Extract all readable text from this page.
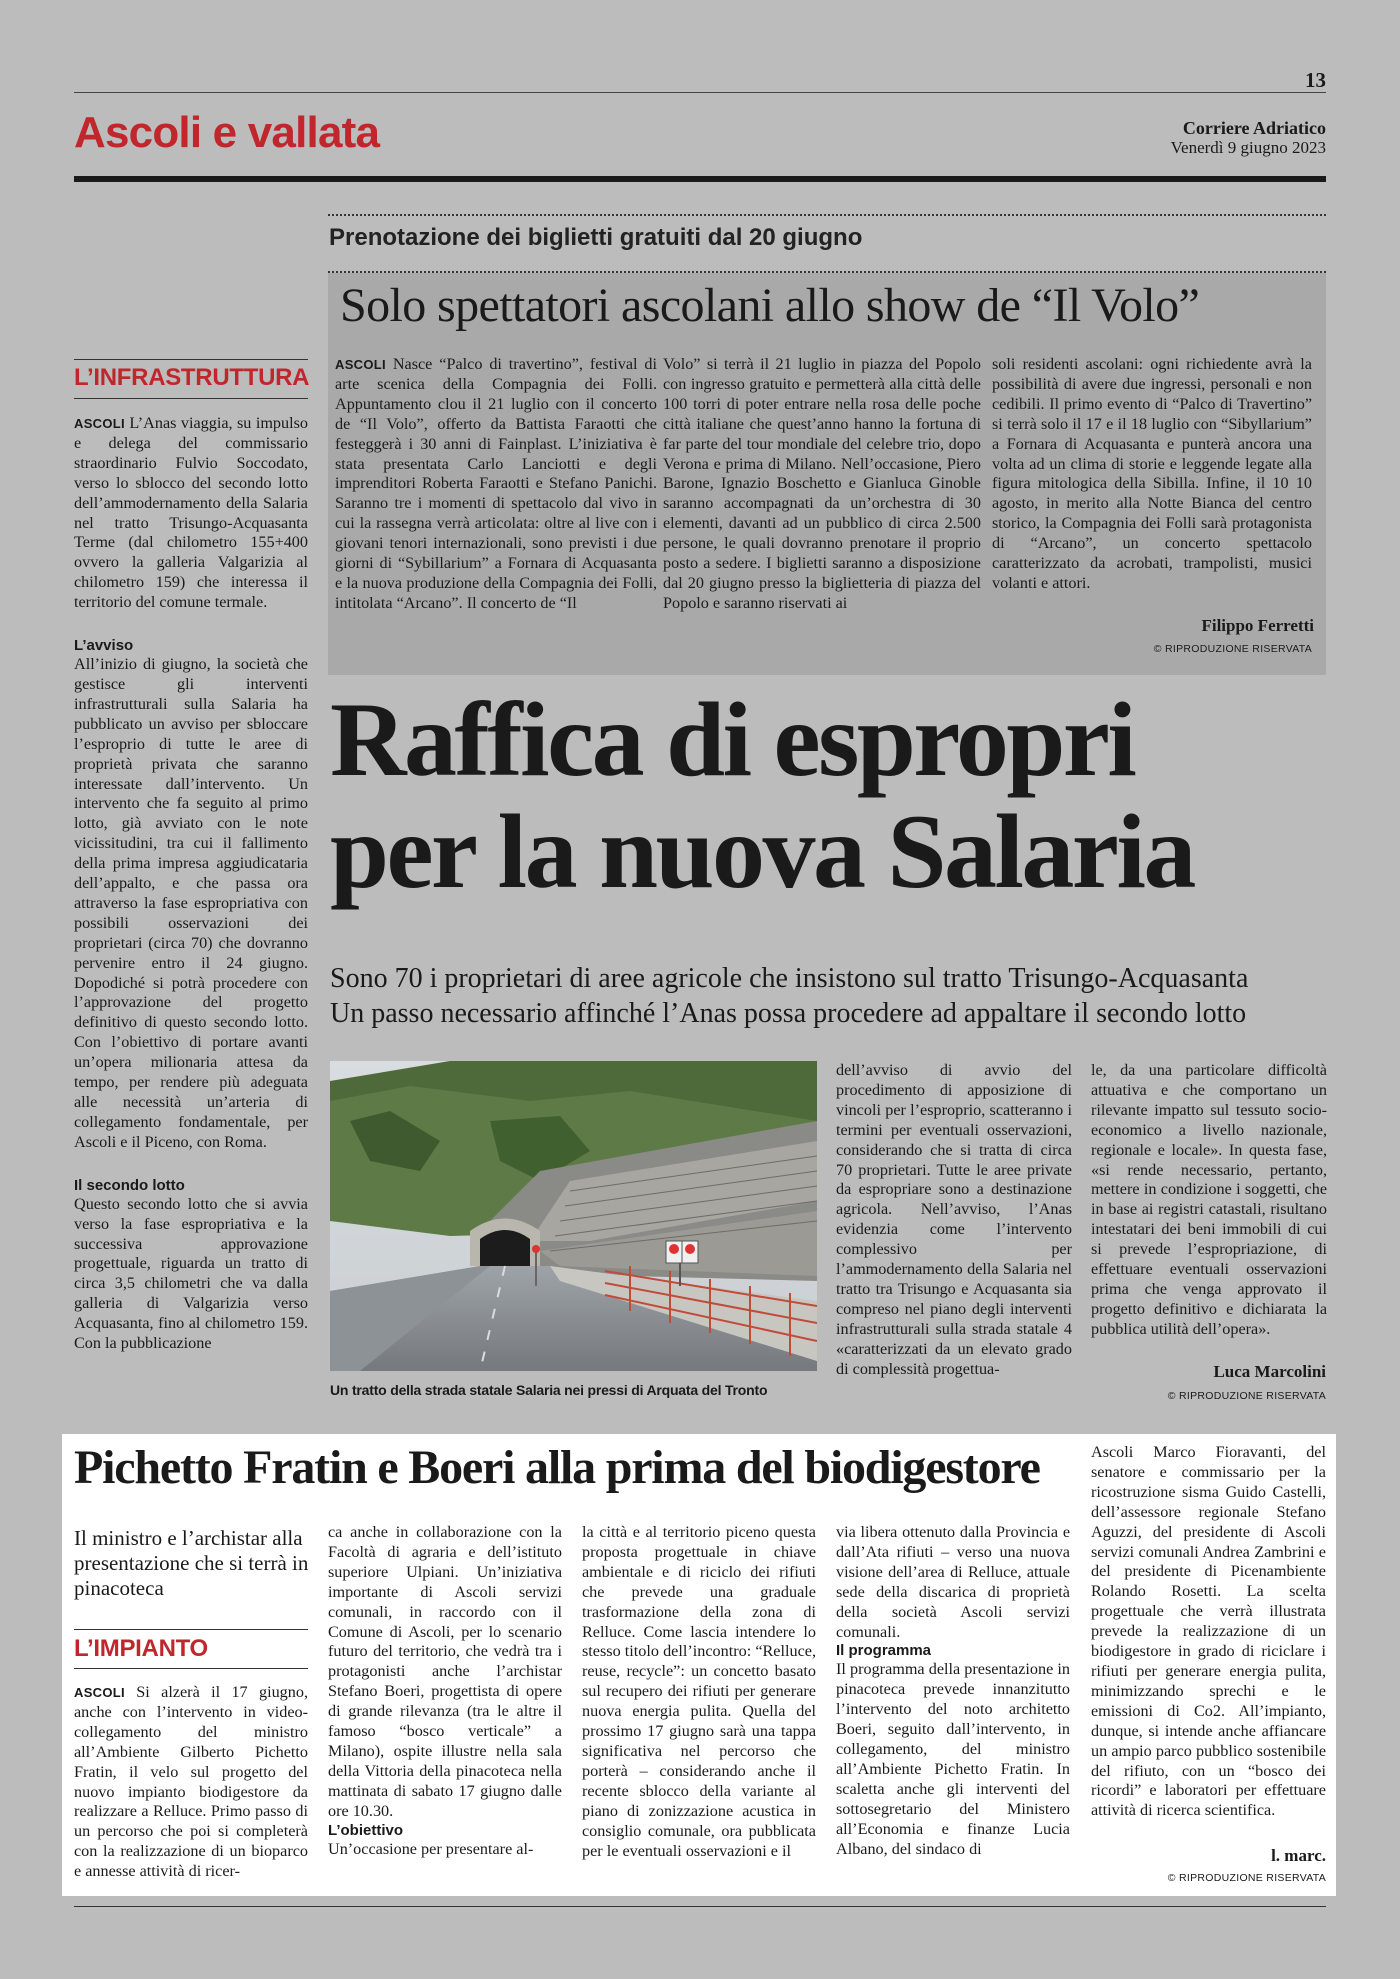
13
Ascoli e vallata	Corriere Adriatico
Venerdì 9 giugno 2023
Prenotazione dei biglietti gratuiti dal 20 giugno
Solo spettatori ascolani allo show de “Il Volo”
ASCOLI Nasce “Palco di travertino”, festival di arte scenica della Compagnia dei Folli. Appuntamento clou il 21 luglio con il concerto de “Il Volo”, offerto da Battista Faraotti che festeggerà i 30 anni di Fainplast. L’iniziativa è stata presentata Carlo Lanciotti e degli imprenditori Roberta Faraotti e Stefano Panichi. Saranno tre i momenti di spettacolo dal vivo in cui la rassegna verrà articolata: oltre al live con i giovani tenori internazionali, sono previsti i due giorni di “Sybillarium” a Fornara di Acquasanta e la nuova produzione della Compagnia dei Folli, intitolata “Arcano”. Il concerto de “Il
Volo” si terrà il 21 luglio in piazza del Popolo con ingresso gratuito e permetterà alla città delle 100 torri di poter entrare nella rosa delle poche città italiane che quest’anno hanno la fortuna di far parte del tour mondiale del celebre trio, dopo Verona e prima di Milano. Nell’occasione, Piero Barone, Ignazio Boschetto e Gianluca Ginoble saranno accompagnati da un’orchestra di 30 elementi, davanti ad un pubblico di circa 2.500 persone, le quali dovranno prenotare il proprio posto a sedere. I biglietti saranno a disposizione dal 20 giugno presso la biglietteria di piazza del Popolo e saranno riservati ai
soli residenti ascolani: ogni richiedente avrà la possibilità di avere due ingressi, personali e non cedibili. Il primo evento di “Palco di Travertino” si terrà solo il 17 e il 18 luglio con “Sibyllarium” a Fornara di Acquasanta e punterà ancora una volta ad un clima di storie e leggende legate alla figura mitologica della Sibilla. Infine, il 10 10 agosto, in merito alla Notte Bianca del centro storico, la Compagnia dei Folli sarà protagonista di “Arcano”, un concerto spettacolo caratterizzato da acrobati, trampolisti, musici volanti e attori.
Filippo Ferretti
© RIPRODUZIONE RISERVATA
L’INFRASTRUTTURA

ASCOLI L’Anas viaggia, su impulso e delega del commissario straordinario Fulvio Soccodato, verso lo sblocco del secondo lotto dell’ammodernamento della Salaria nel tratto Trisungo-Acquasanta Terme (dal chilometro 155+400 ovvero la galleria Valgarizia al chilometro 159) che interessa il territorio del comune termale.

L’avviso

All’inizio di giugno, la società che gestisce gli interventi infrastrutturali sulla Salaria ha pubblicato un avviso per sbloccare l’esproprio di tutte le aree di proprietà privata che saranno interessate dall’intervento. Un intervento che fa seguito al primo lotto, già avviato con le note vicissitudini, tra cui il fallimento della prima impresa aggiudicataria dell’appalto, e che passa ora attraverso la fase espropriativa con possibili osservazioni dei proprietari (circa 70) che dovranno pervenire entro il 24 giugno. Dopodiché si potrà procedere con l’approvazione del progetto definitivo di questo secondo lotto. Con l’obiettivo di portare avanti un’opera milionaria attesa da tempo, per rendere più adeguata alle necessità un’arteria di collegamento fondamentale, per Ascoli e il Piceno, con Roma.

Il secondo lotto

Questo secondo lotto che si avvia verso la fase espropriativa e la successiva approvazione progettuale, riguarda un tratto di circa 3,5 chilometri che va dalla galleria di Valgarizia verso Acquasanta, fino al chilometro 159. Con la pubblicazione

Raffica di espropri
per la nuova Salaria
Sono 70 i proprietari di aree agricole che insistono sul tratto Trisungo-Acquasanta
Un passo necessario affinché l’Anas possa procedere ad appaltare il secondo lotto
Un tratto della strada statale Salaria nei pressi di Arquata del Tronto
dell’avviso di avvio del procedimento di apposizione di vincoli per l’esproprio, scatteranno i termini per eventuali osservazioni, considerando che si tratta di circa 70 proprietari. Tutte le aree private da espropriare sono a destinazione agricola. Nell’avviso, l’Anas evidenzia come l’intervento complessivo per l’ammodernamento della Salaria nel tratto tra Trisungo e Acquasanta sia compreso nel piano degli interventi infrastrutturali sulla strada statale 4 «caratterizzati da un elevato grado di complessità progettua-
le, da una particolare difficoltà attuativa e che comportano un rilevante impatto sul tessuto socio-economico a livello nazionale, regionale e locale». In questa fase, «si rende necessario, pertanto, mettere in condizione i soggetti, che in base ai registri catastali, risultano intestatari dei beni immobili di cui si prevede l’espropriazione, di effettuare eventuali osservazioni prima che venga approvato il progetto definitivo e dichiarata la pubblica utilità dell’opera».
Luca Marcolini
© RIPRODUZIONE RISERVATA
Pichetto Fratin e Boeri alla prima del biodigestore
Il ministro e l’archistar alla presentazione che si terrà in pinacoteca
L’IMPIANTO
ASCOLI Si alzerà il 17 giugno, anche con l’intervento in video-collegamento del ministro all’Ambiente Gilberto Pichetto Fratin, il velo sul progetto del nuovo impianto biodigestore da realizzare a Relluce. Primo passo di un percorso che poi si completerà con la realizzazione di un bioparco e annesse attività di ricer-

ca anche in collaborazione con la Facoltà di agraria e dell’istituto superiore Ulpiani. Un’iniziativa importante di Ascoli servizi comunali, in raccordo con il Comune di Ascoli, per lo scenario futuro del territorio, che vedrà tra i protagonisti anche l’archistar Stefano Boeri, progettista di opere di grande rilevanza (tra le altre il famoso “bosco verticale” a Milano), ospite illustre nella sala della Vittoria della pinacoteca nella mattinata di sabato 17 giugno dalle ore 10.30.

L’obiettivo

Un’occasione per presentare al-

la città e al territorio piceno questa proposta progettuale in chiave ambientale e di riciclo dei rifiuti che prevede una graduale trasformazione della zona di Relluce. Come lascia intendere lo stesso titolo dell’incontro: “Relluce, reuse, recycle”: un concetto basato sul recupero dei rifiuti per generare nuova energia pulita. Quella del prossimo 17 giugno sarà una tappa significativa nel percorso che porterà – considerando anche il recente sblocco della variante al piano di zonizzazione acustica in consiglio comunale, ora pubblicata per le eventuali osservazioni e il

via libera ottenuto dalla Provincia e dall’Ata rifiuti – verso una nuova visione dell’area di Relluce, attuale sede della discarica di proprietà della società Ascoli servizi comunali.

Il programma

Il programma della presentazione in pinacoteca prevede innanzitutto l’intervento del noto architetto Boeri, seguito dall’intervento, in collegamento, del ministro all’Ambiente Pichetto Fratin. In scaletta anche gli interventi del sottosegretario del Ministero all’Economia e finanze Lucia Albano, del sindaco di

Ascoli Marco Fioravanti, del senatore e commissario per la ricostruzione sisma Guido Castelli, dell’assessore regionale Stefano Aguzzi, del presidente di Ascoli servizi comunali Andrea Zambrini e del presidente di Picenambiente Rolando Rosetti. La scelta progettuale che verrà illustrata prevede la realizzazione di un biodigestore in grado di riciclare i rifiuti per generare energia pulita, minimizzando sprechi e le emissioni di Co2. All’impianto, dunque, si intende anche affiancare un ampio parco pubblico sostenibile del rifiuto, con un “bosco dei ricordi” e laboratori per effettuare attività di ricerca scientifica.
l. marc.
© RIPRODUZIONE RISERVATA
